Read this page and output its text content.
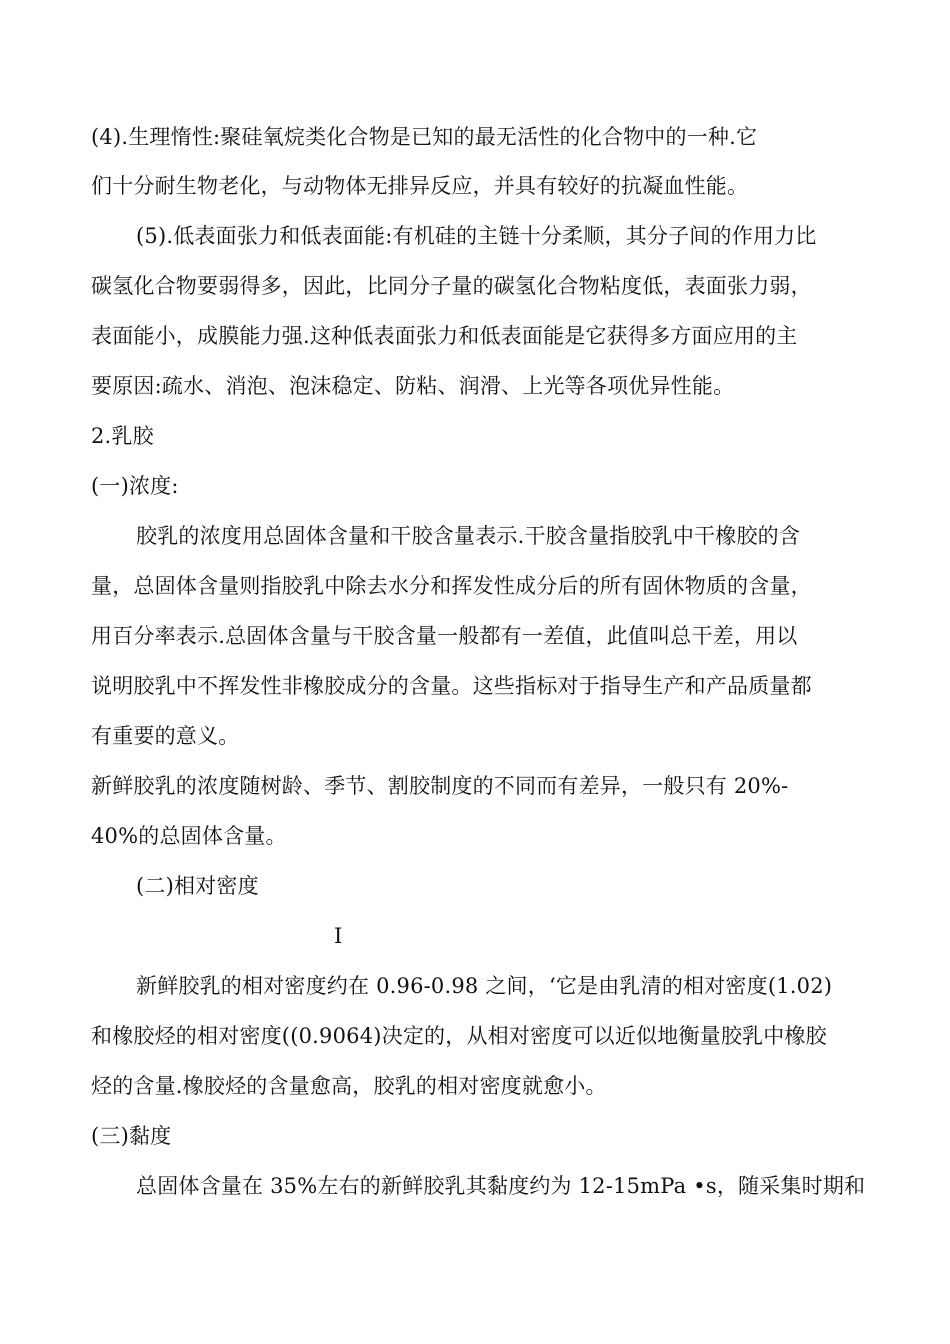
(4).生理惰性:聚硅氧烷类化合物是已知的最无活性的化合物中的一种.它
们十分耐生物老化，与动物体无排异反应，并具有较好的抗凝血性能。
(5).低表面张力和低表面能:有机硅的主链十分柔顺，其分子间的作用力比
碳氢化合物要弱得多，因此，比同分子量的碳氢化合物粘度低，表面张力弱，
表面能小，成膜能力强.这种低表面张力和低表面能是它获得多方面应用的主
要原因:疏水、消泡、泡沫稳定、防粘、润滑、上光等各项优异性能。
2.乳胶
(一)浓度:
胶乳的浓度用总固体含量和干胶含量表示.干胶含量指胶乳中干橡胶的含
量，总固体含量则指胶乳中除去水分和挥发性成分后的所有固休物质的含量，
用百分率表示.总固体含量与干胶含量一般都有一差值，此值叫总干差，用以
说明胶乳中不挥发性非橡胶成分的含量。这些指标对于指导生产和产品质量都
有重要的意义。
新鲜胶乳的浓度随树龄、季节、割胶制度的不同而有差异，一般只有 20%-
40%的总固体含量。
(二)相对密度
I
新鲜胶乳的相对密度约在 0.96-0.98 之间，‘它是由乳清的相对密度(1.02)
和橡胶烃的相对密度((0.9064)决定的，从相对密度可以近似地衡量胶乳中橡胶
烃的含量.橡胶烃的含量愈高，胶乳的相对密度就愈小。
(三)黏度
总固体含量在 35%左右的新鲜胶乳其黏度约为 12-15mPa •s，随采集时期和
